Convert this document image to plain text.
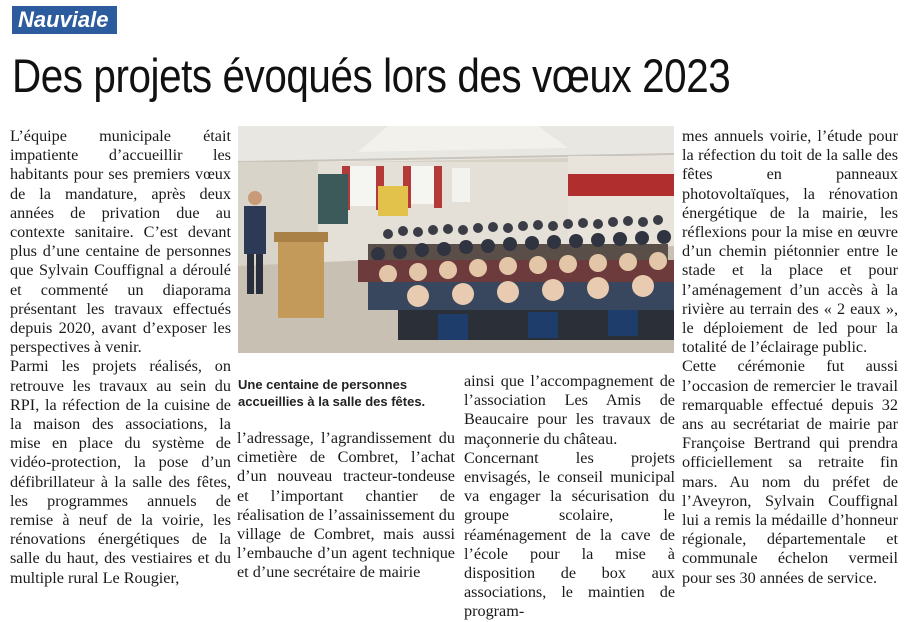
Nauviale
Des projets évoqués lors des vœux 2023

L’équipe municipale était impatiente d’accueillir les habitants pour ses premiers vœux de la mandature, après deux années de privation due au contexte sanitaire. C’est devant plus d’une centaine de personnes que Sylvain Couffignal a déroulé et commenté un diaporama présentant les travaux effectués depuis 2020, avant d’exposer les perspectives à venir.

Parmi les projets réalisés, on retrouve les travaux au sein du RPI, la réfection de la cuisine de la maison des associations, la mise en place du système de vidéo-protection, la pose d’un défibrillateur à la salle des fêtes, les programmes annuels de remise à neuf de la voirie, les rénovations énergétiques de la salle du haut, des vestiaires et du multiple rural Le Rougier,

Une centaine de personnes accueillies à la salle des fêtes.

l’adressage, l’agrandissement du cimetière de Combret, l’achat d’un nouveau tracteur-tondeuse et l’important chantier de réalisation de l’assainissement du village de Combret, mais aussi l’embauche d’un agent technique et d’une secrétaire de mairie

ainsi que l’accompagnement de l’association Les Amis de Beaucaire pour les travaux de maçonnerie du château.

Concernant les projets envisagés, le conseil municipal va engager la sécurisation du groupe scolaire, le réaménagement de la cave de l’école pour la mise à disposition de box aux associations, le maintien de program-

mes annuels voirie, l’étude pour la réfection du toit de la salle des fêtes en panneaux photovoltaïques, la rénovation énergétique de la mairie, les réflexions pour la mise en œuvre d’un chemin piétonnier entre le stade et la place et pour l’aménagement d’un accès à la rivière au terrain des « 2 eaux », le déploiement de led pour la totalité de l’éclairage public.

Cette cérémonie fut aussi l’occasion de remercier le travail remarquable effectué depuis 32 ans au secrétariat de mairie par Françoise Bertrand qui prendra officiellement sa retraite fin mars. Au nom du préfet de l’Aveyron, Sylvain Couffignal lui a remis la médaille d’honneur régionale, départementale et communale échelon vermeil pour ses 30 années de service.
